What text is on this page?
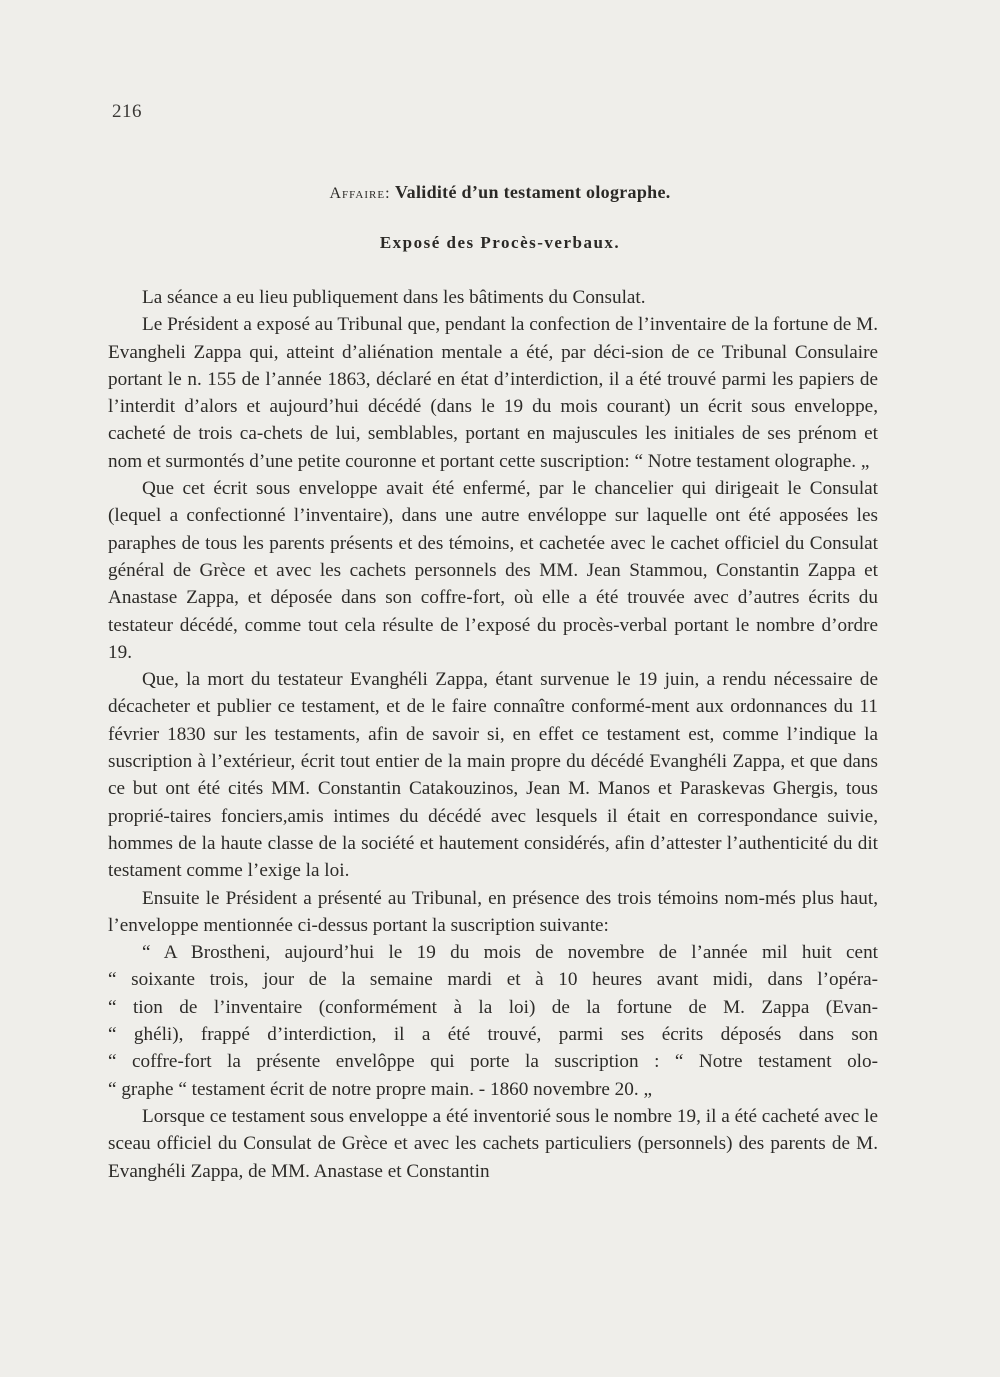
216
Affaire: Validité d’un testament olographe.
Exposé des Procès-verbaux.

La séance a eu lieu publiquement dans les bâtiments du Consulat.

Le Président a exposé au Tribunal que, pendant la confection de l’inventaire de la fortune de M. Evangheli Zappa qui, atteint d’aliénation mentale a été, par déci-sion de ce Tribunal Consulaire portant le n. 155 de l’année 1863, déclaré en état d’interdiction, il a été trouvé parmi les papiers de l’interdit d’alors et aujourd’hui décédé (dans le 19 du mois courant) un écrit sous enveloppe, cacheté de trois ca-chets de lui, semblables, portant en majuscules les initiales de ses prénom et nom et surmontés d’une petite couronne et portant cette suscription: “ Notre testament olographe. „

Que cet écrit sous enveloppe avait été enfermé, par le chancelier qui dirigeait le Consulat (lequel a confectionné l’inventaire), dans une autre envéloppe sur laquelle ont été apposées les paraphes de tous les parents présents et des témoins, et cachetée avec le cachet officiel du Consulat général de Grèce et avec les cachets personnels des MM. Jean Stammou, Constantin Zappa et Anastase Zappa, et déposée dans son coffre-fort, où elle a été trouvée avec d’autres écrits du testateur décédé, comme tout cela résulte de l’exposé du procès-verbal portant le nombre d’ordre 19.

Que, la mort du testateur Evanghéli Zappa, étant survenue le 19 juin, a rendu nécessaire de décacheter et publier ce testament, et de le faire connaître conformé-ment aux ordonnances du 11 février 1830 sur les testaments, afin de savoir si, en effet ce testament est, comme l’indique la suscription à l’extérieur, écrit tout entier de la main propre du décédé Evanghéli Zappa, et que dans ce but ont été cités MM. Constantin Catakouzinos, Jean M. Manos et Paraskevas Ghergis, tous proprié-taires fonciers,amis intimes du décédé avec lesquels il était en correspondance suivie, hommes de la haute classe de la société et hautement considérés, afin d’attester l’authenticité du dit testament comme l’exige la loi.

Ensuite le Président a présenté au Tribunal, en présence des trois témoins nom-més plus haut, l’enveloppe mentionnée ci-dessus portant la suscription suivante:

“ A Brostheni, aujourd’hui le 19 du mois de novembre de l’année mil huit cent
“ soixante trois, jour de la semaine mardi et à 10 heures avant midi, dans l’opéra-
“ tion de l’inventaire (conformément à la loi) de la fortune de M. Zappa (Evan-
“ ghéli), frappé d’interdiction, il a été trouvé, parmi ses écrits déposés dans son
“ coffre-fort la présente envelôppe qui porte la suscription : “ Notre testament olo-
“ graphe “ testament écrit de notre propre main. - 1860 novembre 20. „

Lorsque ce testament sous enveloppe a été inventorié sous le nombre 19, il a été cacheté avec le sceau officiel du Consulat de Grèce et avec les cachets particuliers (personnels) des parents de M. Evanghéli Zappa, de MM. Anastase et Constantin
